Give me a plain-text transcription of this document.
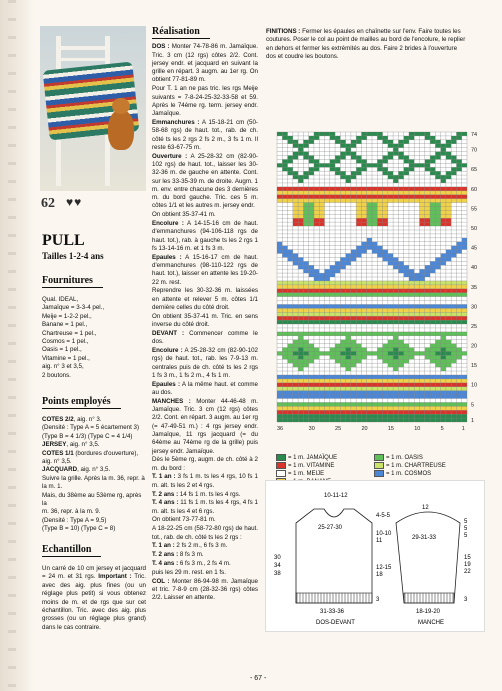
62 ♥♥
PULL
Tailles 1-2-4 ans
Fournitures
Qual. IDEAL,
Jamaïque = 3-3-4 pel.,
Meije = 1-2-2 pel.,
Banane = 1 pel.,
Chartreuse = 1 pel.,
Cosmos = 1 pel.,
Oasis = 1 pel.,
Vitamine = 1 pel.,
aig. n° 3 et 3,5,
2 boutons.
Points employés
COTES 2/2, aig. n° 3.
(Densité : Type A = 5 écartement 3)
(Type B = 4 1/3) (Type C = 4 1/4)
JERSEY, aig. n° 3,5.
COTES 1/1 (bordures d'ouverture),
aig. n° 3,5.
JACQUARD, aig. n° 3,5.
Suivre la grille. Après la m. 36, repr. à
la m. 1.
Mais, du 38ème au 53ème rg, après la
m. 36, repr. à la m. 9.
(Densité : Type A = 9,5)
(Type B = 10) (Type C = 8)
Echantillon
Un carré de 10 cm jersey et jacquard = 24 m. et 31 rgs. Important : Tric. avec des aig. plus fines (ou un réglage plus petit) si vous obtenez moins de m. et de rgs que sur cet échantillon. Tric. avec des aig. plus grosses (ou un réglage plus grand) dans le cas contraire.
Réalisation
DOS : Monter 74-78-86 m. Jamaïque. Tric. 3 cm (12 rgs) côtes 2/2. Cont. jersey endr. et jacquard en suivant la grille en répart. 3 augm. au 1er rg. On obtient 77-81-89 m.
Pour T. 1 an ne pas tric. les rgs Meije suivants = 7-8-24-25-32-33-58 et 59. Après le 74ème rg. term. jersey endr. Jamaïque.
Emmanchures : A 15-18-21 cm (50-58-68 rgs) de haut. tot., rab. de ch. côté ts les 2 rgs 2 fs 2 m., 3 fs 1 m. Il reste 63-67-75 m.
Ouverture : A 25-28-32 cm (82-90-102 rgs) de haut. tot., laisser les 30-32-36 m. de gauche en attente. Cont. sur les 33-35-39 m. de droite. Augm. 1 m. env. entre chacune des 3 dernières m. du bord gauche. Tric. ces 5 m. côtes 1/1 et les autres m. jersey endr.
On obtient 35-37-41 m.
Encolure : A 14-15-16 cm de haut. d'emmanchures (94-106-118 rgs de haut. tot.), rab. à gauche ts les 2 rgs 1 fs 13-14-16 m. et 1 fs 3 m.
Epaules : A 15-16-17 cm de haut. d'emmanchures (98-110-122 rgs de haut. tot.), laisser en attente les 19-20-22 m. rest.
Reprendre les 30-32-36 m. laissées en attente et relever 5 m. côtes 1/1 dernière celles du côté droit.
On obtient 35-37-41 m. Tric. en sens inverse du côté droit.
DEVANT : Commencer comme le dos.
Encolure : A 25-28-32 cm (82-90-102 rgs) de haut. tot., rab. les 7-9-13 m. centrales puis de ch. côté ts les 2 rgs 1 fs 3 m., 1 fs 2 m., 4 fs 1 m.
Epaules : A la même haut. et comme au dos.
MANCHES : Monter 44-46-48 m. Jamaïque. Tric. 3 cm (12 rgs) côtes 2/2. Cont. en répart. 3 augm. au 1er rg (= 47-49-51 m.) : 4 rgs jersey endr. Jamaïque, 11 rgs jacquard (= du 64ème au 74ème rg de la grille) puis jersey endr. Jamaïque.
Dès le 5ème rg, augm. de ch. côté à 2 m. du bord :
T. 1 an : 3 fs 1 m. ts les 4 rgs, 10 fs 1 m. alt. ts les 2 et 4 rgs.
T. 2 ans : 14 fs 1 m. ts les 4 rgs.
T. 4 ans : 11 fs 1 m. ts les 4 rgs, 4 fs 1 m. alt. ts les 4 et 6 rgs.
On obtient 73-77-81 m.
A 18-22-25 cm (58-72-80 rgs) de haut. tot., rab. de ch. côté ts les 2 rgs :
T. 1 an : 2 fs 2 m., 6 fs 3 m.
T. 2 ans : 8 fs 3 m.
T. 4 ans : 6 fs 3 m., 2 fs 4 m.
puis les 29 m. rest. en 1 fs.
COL : Monter 86-94-98 m. Jamaïque et tric. 7-8-9 cm (28-32-36 rgs) côtes 2/2. Laisser en attente.
FINITIONS : Fermer les épaules en chaînette sur l'env. Faire toutes les coutures. Poser le col au point de mailles au bord de l'encolure, le replier en dehors et fermer les extrémités au dos. Faire 2 brides à l'ouverture dos et coudre les boutons.
74
70
65
60
55
50
45
40
35
30
25
20
15
10
5
1
36	30	25	20	15	10	5	1
= 1 m. JAMAÏQUE
= 1 m. VITAMINE
= 1 m. MEIJE
= 1 m. OASIS
= 1 m. CHARTREUSE
= 1 m. COSMOS
10-11-12
25-27-30
31-33-36
DOS-DEVANT
30 34 38
4-5-5
10-10 11
12-15 18
3
12
29-31-33
18-19-20
MANCHE
5 5 5
15 19 22
3
- 67 -
